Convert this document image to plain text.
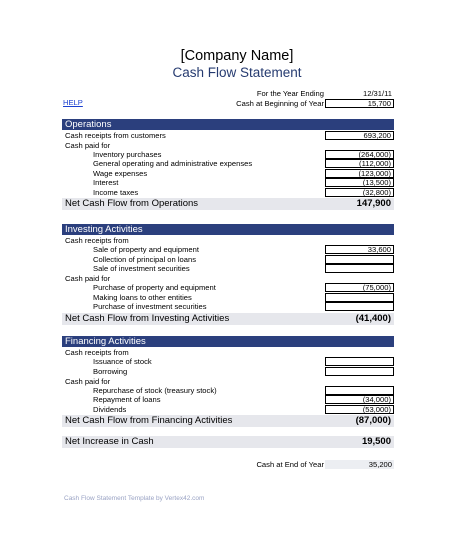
[Company Name]
Cash Flow Statement
For the Year Ending	12/31/11
HELP	Cash at Beginning of Year	15,700
Operations
Cash receipts from customers	693,200
Cash paid for
Inventory purchases	(264,000)
General operating and administrative expenses	(112,000)
Wage expenses	(123,000)
Interest	(13,500)
Income taxes	(32,800)
Net Cash Flow from Operations	147,900
Investing Activities
Cash receipts from
Sale of property and equipment	33,600
Collection of principal on loans
Sale of investment securities
Cash paid for
Purchase of property and equipment	(75,000)
Making loans to other entities
Purchase of investment securities
Net Cash Flow from Investing Activities	(41,400)
Financing Activities
Cash receipts from
Issuance of stock
Borrowing
Cash paid for
Repurchase of stock (treasury stock)
Repayment of loans	(34,000)
Dividends	(53,000)
Net Cash Flow from Financing Activities	(87,000)
Net Increase in Cash	19,500
Cash at End of Year	35,200
Cash Flow Statement Template by Vertex42.com
